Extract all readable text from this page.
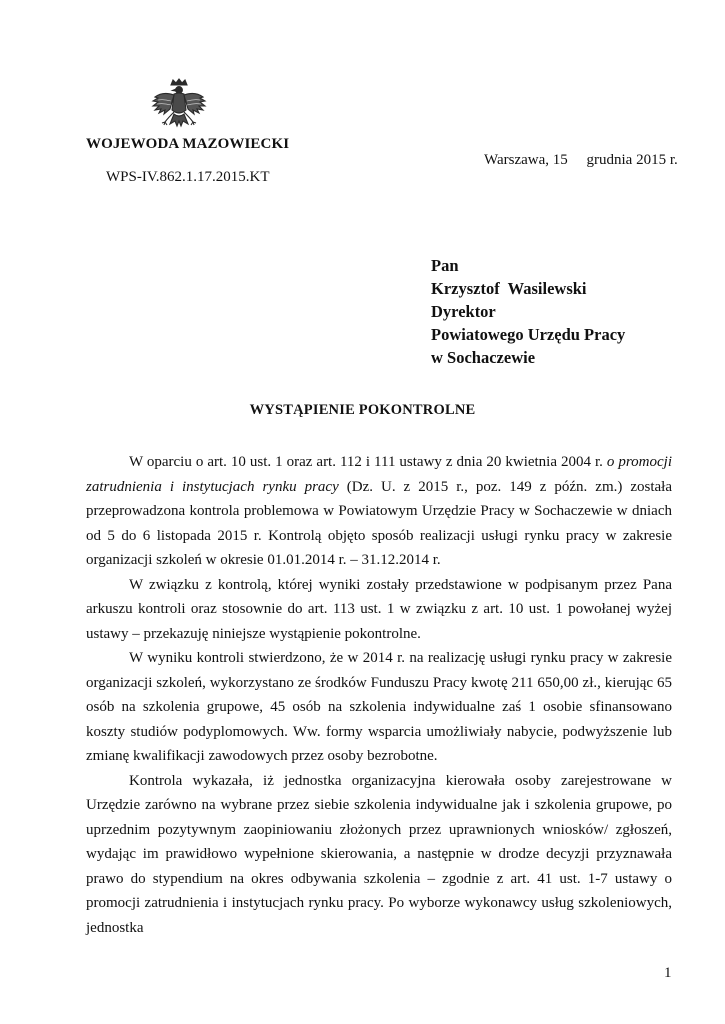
WOJEWODA MAZOWIECKI
WPS-IV.862.1.17.2015.KT
Warszawa, 15     grudnia 2015 r.
Pan
Krzysztof  Wasilewski
Dyrektor
Powiatowego Urzędu Pracy
w Sochaczewie
WYSTĄPIENIE POKONTROLNE

W oparciu o art. 10 ust. 1 oraz art. 112 i 111 ustawy z dnia 20 kwietnia 2004 r. o promocji zatrudnienia i instytucjach rynku pracy (Dz. U. z 2015 r., poz. 149 z późn. zm.) została przeprowadzona kontrola problemowa w Powiatowym Urzędzie Pracy w Sochaczewie w dniach od 5 do 6 listopada 2015 r. Kontrolą objęto sposób realizacji usługi rynku pracy w zakresie organizacji szkoleń w okresie 01.01.2014 r. – 31.12.2014 r.

W związku z kontrolą, której wyniki zostały przedstawione w podpisanym przez Pana arkuszu kontroli oraz stosownie do art. 113 ust. 1 w związku z art. 10 ust. 1 powołanej wyżej ustawy – przekazuję niniejsze wystąpienie pokontrolne.

W wyniku kontroli stwierdzono, że w 2014 r. na realizację usługi rynku pracy w zakresie organizacji szkoleń, wykorzystano ze środków Funduszu Pracy kwotę 211 650,00 zł., kierując 65 osób na szkolenia grupowe, 45 osób na szkolenia indywidualne zaś 1 osobie sfinansowano koszty studiów podyplomowych. Ww. formy wsparcia umożliwiały nabycie, podwyższenie lub zmianę kwalifikacji zawodowych przez osoby bezrobotne.

Kontrola wykazała, iż jednostka organizacyjna kierowała osoby zarejestrowane w Urzędzie zarówno na wybrane przez siebie szkolenia indywidualne jak i szkolenia grupowe, po uprzednim pozytywnym zaopiniowaniu złożonych przez uprawnionych wniosków/ zgłoszeń, wydając im prawidłowo wypełnione skierowania, a następnie w drodze decyzji przyznawała prawo do stypendium na okres odbywania szkolenia – zgodnie z art. 41 ust. 1-7 ustawy o promocji zatrudnienia i instytucjach rynku pracy. Po wyborze wykonawcy usług szkoleniowych, jednostka

1
